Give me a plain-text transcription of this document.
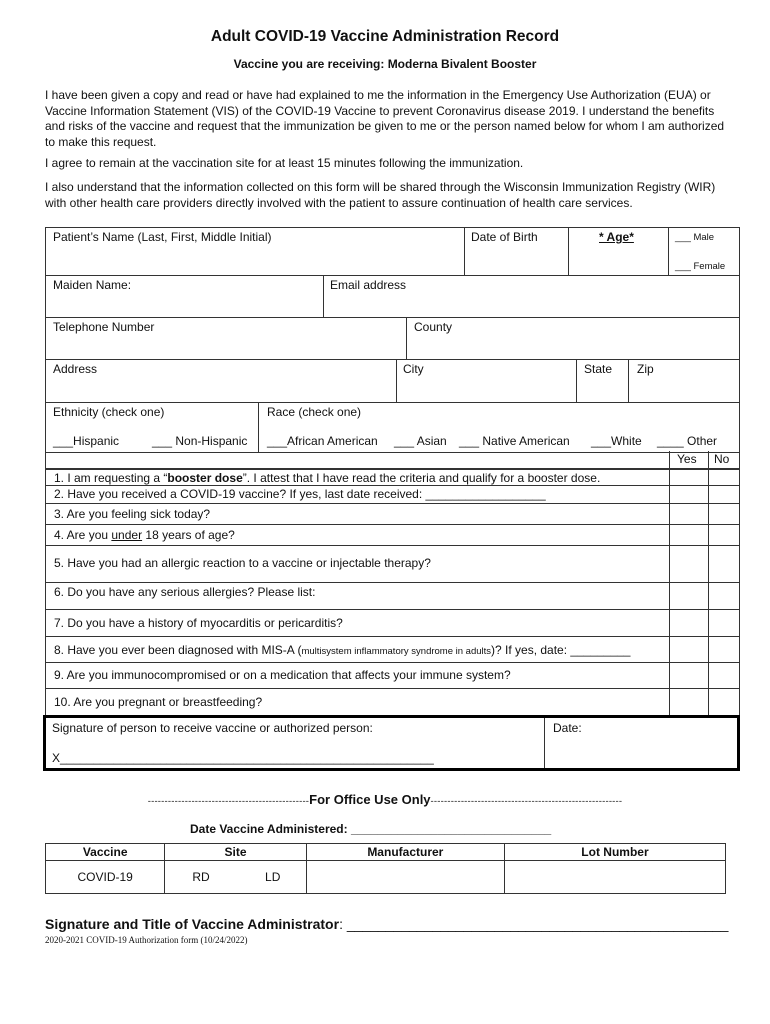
Adult COVID-19 Vaccine Administration Record
Vaccine you are receiving: Moderna Bivalent Booster
I have been given a copy and read or have had explained to me the information in the Emergency Use Authorization (EUA) or Vaccine Information Statement (VIS) of the COVID-19 Vaccine to prevent Coronavirus disease 2019. I understand the benefits and risks of the vaccine and request that the immunization be given to me or the person named below for whom I am authorized to make this request.
I agree to remain at the vaccination site for at least 15 minutes following the immunization.
I also understand that the information collected on this form will be shared through the Wisconsin Immunization Registry (WIR) with other health care providers directly involved with the patient to assure continuation of health care services.
Patient’s Name (Last, First, Middle Initial)	Date of Birth	* Age*	___ Male
___ Female
Maiden Name:	Email address
Telephone Number	County
Address	City	State Zip
Ethnicity (check one)
___Hispanic	___ Non-Hispanic
Race (check one)
___African American ___ Asian ___ Native American ___White ____ Other
Yes No
1. I am requesting a “booster dose”. I attest that I have read the criteria and qualify for a booster dose.
2. Have you received a COVID-19 vaccine? If yes, last date received: __________________
3. Are you feeling sick today?
4. Are you under 18 years of age?
5. Have you had an allergic reaction to a vaccine or injectable therapy?
6. Do you have any serious allergies? Please list:
7. Do you have a history of myocarditis or pericarditis?
8. Have you ever been diagnosed with MIS-A (multisystem inflammatory syndrome in adults)? If yes, date: _________
9. Are you immunocompromised or on a medication that affects your immune system?
10. Are you pregnant or breastfeeding?
Signature of person to receive vaccine or authorized person:
X________________________________________________________
Date:
------------------------------------------------For Office Use Only---------------------------------------------------------
Date Vaccine Administered: ______________________________
Vaccine	Site	Manufacturer	Lot Number
COVID-19	RD LD		
Signature and Title of Vaccine Administrator: _________________________________________________
2020-2021 COVID-19 Authorization form (10/24/2022)
